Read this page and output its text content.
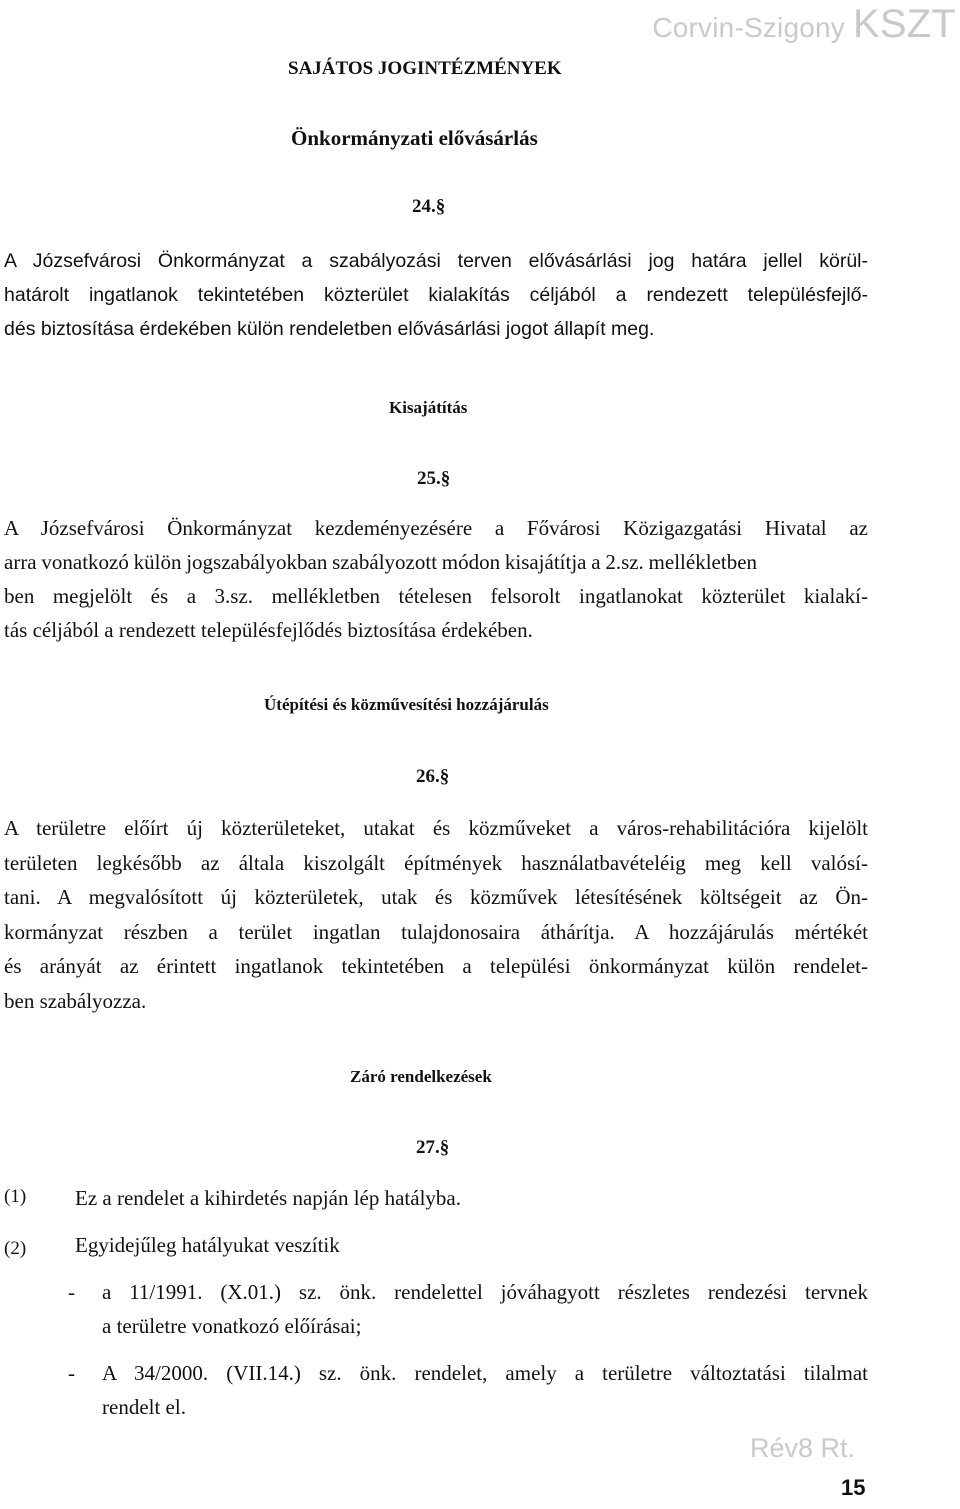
Corvin-Szigony KSZT
SAJÁTOS JOGINTÉZMÉNYEK
Önkormányzati elővásárlás
24.§
A Józsefvárosi Önkormányzat a szabályozási terven elővásárlási jog határa jellel körül-
határolt ingatlanok tekintetében közterület kialakítás céljából a rendezett településfejlő-
dés biztosítása érdekében külön rendeletben elővásárlási jogot állapít meg.
Kisajátítás
25.§
A Józsefvárosi Önkormányzat kezdeményezésére a Fővárosi Közigazgatási Hivatal az
arra vonatkozó külön jogszabályokban szabályozott módon kisajátítja a 2.sz. mellékletben
ben megjelölt és a 3.sz. mellékletben tételesen felsorolt ingatlanokat közterület kialakí-
tás céljából a rendezett településfejlődés biztosítása érdekében.
Útépítési és közművesítési hozzájárulás
26.§
A területre előírt új közterületeket, utakat és közműveket a város-rehabilitációra kijelölt
területen legkésőbb az általa kiszolgált építmények használatbavételéig meg kell valósí-
tani. A megvalósított új közterületek, utak és közművek létesítésének költségeit az Ön-
kormányzat részben a terület ingatlan tulajdonosaira áthárítja. A hozzájárulás mértékét
és arányát az érintett ingatlanok tekintetében a települési önkormányzat külön rendelet-
ben szabályozza.
Záró rendelkezések
27.§
(1) Ez a rendelet a kihirdetés napján lép hatályba.
(2) Egyidejűleg hatályukat veszítik
- a 11/1991. (X.01.) sz. önk. rendelettel jóváhagyott részletes rendezési tervnek
a területre vonatkozó előírásai;
- A 34/2000. (VII.14.) sz. önk. rendelet, amely a területre változtatási tilalmat
rendelt el.
Rév8 Rt.
15
